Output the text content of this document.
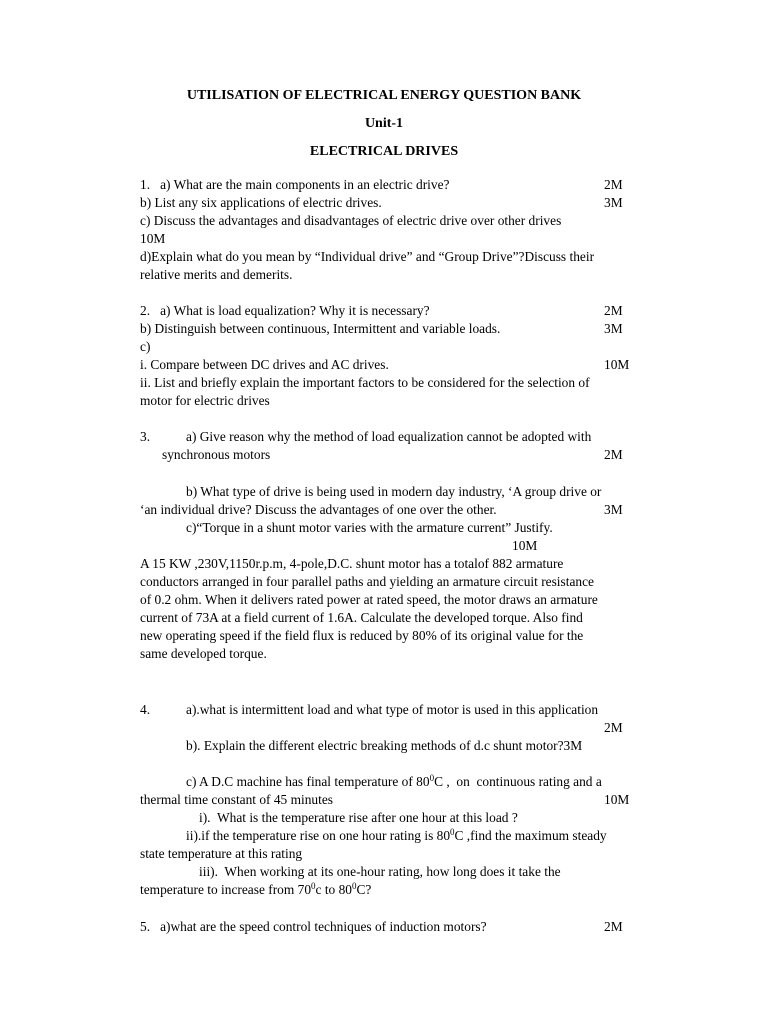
UTILISATION OF ELECTRICAL ENERGY QUESTION BANK
Unit-1
ELECTRICAL DRIVES
1.   a) What are the main components in an electric drive?	2M
b) List any six applications of electric drives.	3M
c) Discuss the advantages and disadvantages of electric drive over other drives
10M
d)Explain what do you mean by “Individual drive” and “Group Drive”?Discuss their
relative merits and demerits.
2.   a) What is load equalization? Why it is necessary?	2M
b) Distinguish between continuous, Intermittent and variable loads.	3M
c)
i. Compare between DC drives and AC drives.	10M
ii. List and briefly explain the important factors to be considered for the selection of
motor for electric drives
3.	a) Give reason why the method of load equalization cannot be adopted with
synchronous motors	2M
b) What type of drive is being used in modern day industry, ‘A group drive or
‘an individual drive? Discuss the advantages of one over the other.	3M
c)“Torque in a shunt motor varies with the armature current” Justify.
10M
A 15 KW ,230V,1150r.p.m, 4-pole,D.C. shunt motor has a totalof 882 armature
conductors arranged in four parallel paths and yielding an armature circuit resistance
of 0.2 ohm. When it delivers rated power at rated speed, the motor draws an armature
current of 73A at a field current of 1.6A. Calculate the developed torque. Also find
new operating speed if the field flux is reduced by 80% of its original value for the
same developed torque.
4.	a).what is intermittent load and what type of motor is used in this application
2M
b). Explain the different electric breaking methods of d.c shunt motor?3M
c) A D.C machine has final temperature of $80^0C$ ,  on  continuous rating and a
thermal time constant of 45 minutes	10M
i).  What is the temperature rise after one hour at this load ?
ii).if the temperature rise on one hour rating is $80^0C$ ,find the maximum steady
state temperature at this rating
iii).  When working at its one-hour rating, how long does it take the
temperature to increase from $70^0c$ to $80^0C$?
5.   a)what are the speed control techniques of induction motors?	2M
